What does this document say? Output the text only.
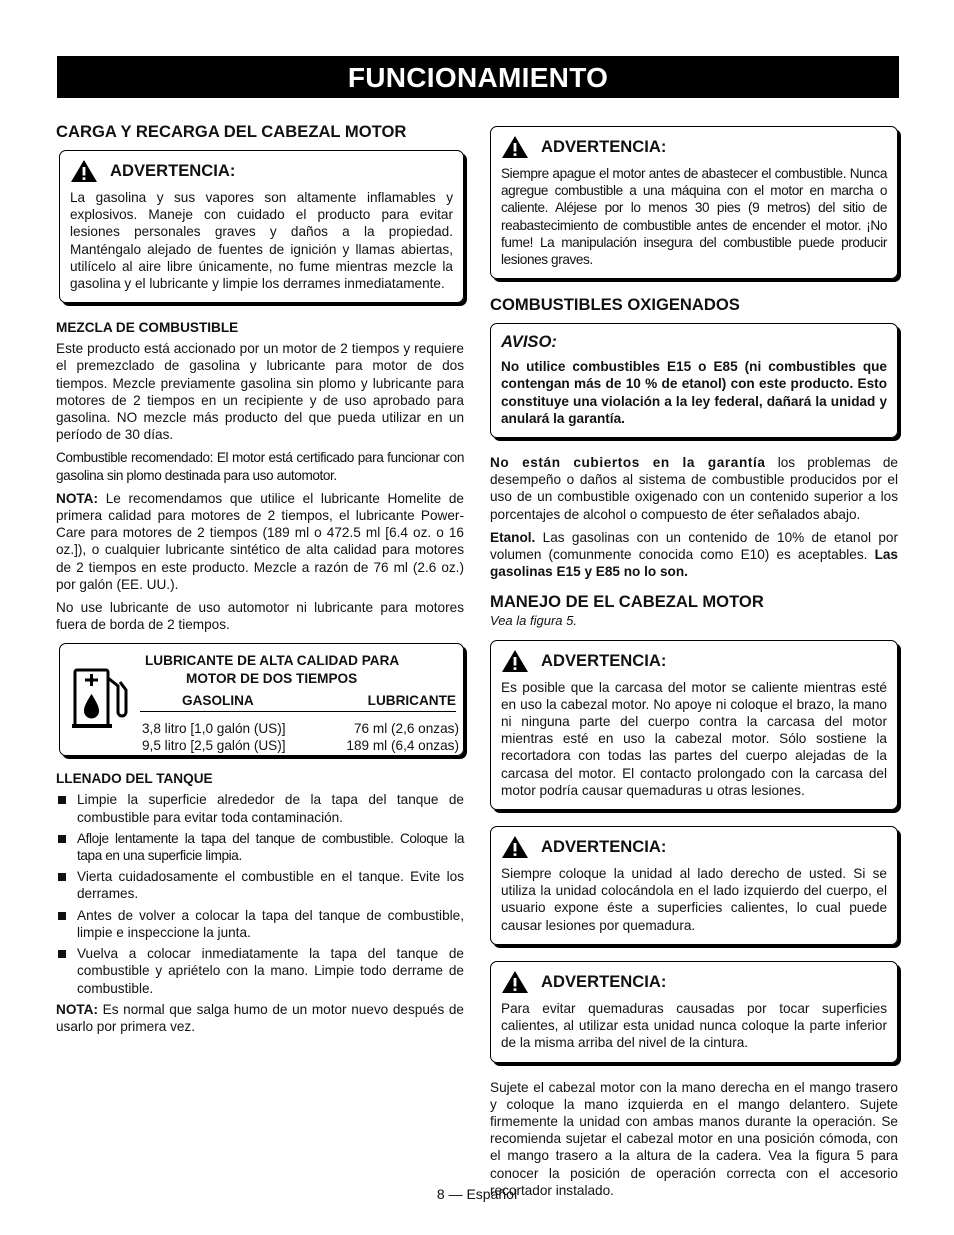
FUNCIONAMIENTO
CARGA Y RECARGA DEL CABEZAL MOTOR
ADVERTENCIA:

La gasolina y sus vapores son altamente inflamables y explosivos. Maneje con cuidado el producto para evitar lesiones personales graves y daños a la propiedad. Manténgalo alejado de fuentes de ignición y llamas abiertas, utilícelo al aire libre únicamente, no fume mientras mezcle la gasolina y el lubricante y limpie los derrames inmediatamente.

MEZCLA DE COMBUSTIBLE

Este producto está accionado por un motor de 2 tiempos y requiere el premezclado de gasolina y lubricante para motor de dos tiempos. Mezcle previamente gasolina sin plomo y lubricante para motores de 2 tiempos en un recipiente y de uso aprobado para gasolina. NO mezcle más producto del que pueda utilizar en un período de 30 días.

Combustible recomendado: El motor está certificado para funcionar con gasolina sin plomo destinada para uso automotor.

NOTA: Le recomendamos que utilice el lubricante Homelite de primera calidad para motores de 2 tiempos, el lubricante Power-Care para motores de 2 tiempos (189 ml o 472.5 ml [6.4 oz. o 16 oz.]), o cualquier lubricante sintético de alta calidad para motores de 2 tiempos en este producto. Mezcle a razón de 76 ml (2.6 oz.) por galón (EE. UU.).

No use lubricante de uso automotor ni lubricante para motores fuera de borda de 2 tiempos.

LUBRICANTE DE ALTA CALIDAD PARA
MOTOR DE DOS TIEMPOS
GASOLINA	LUBRICANTE
3,8 litro [1,0 galón (US)]	76 ml (2,6 onzas)
9,5 litro [2,5 galón (US)]	189 ml (6,4 onzas)
LLENADO DEL TANQUE
Limpie la superficie alrededor de la tapa del tanque de combustible para evitar toda contaminación.
Afloje lentamente la tapa del tanque de combustible. Coloque la tapa en una superficie limpia.
Vierta cuidadosamente el combustible en el tanque. Evite los derrames.
Antes de volver a colocar la tapa del tanque de combustible, limpie e inspeccione la junta.
Vuelva a colocar inmediatamente la tapa del tanque de combustible y apriételo con la mano. Limpie todo derrame de combustible.

NOTA: Es normal que salga humo de un motor nuevo después de usarlo por primera vez.

ADVERTENCIA:

Siempre apague el motor antes de abastecer el combustible. Nunca agregue combustible a una máquina con el motor en marcha o caliente. Aléjese por lo menos 30 pies (9 metros) del sitio de reabastecimiento de combustible antes de encender el motor. ¡No fume! La manipulación insegura del combustible puede producir lesiones graves.

COMBUSTIBLES OXIGENADOS
AVISO:

No utilice combustibles E15 o E85 (ni combustibles que contengan más de 10 % de etanol) con este producto. Esto constituye una violación a la ley federal, dañará la unidad y anulará la garantía.

No están cubiertos en la garantía los problemas de desempeño o daños al sistema de combustible producidos por el uso de un combustible oxigenado con un contenido superior a los porcentajes de alcohol o compuesto de éter señalados abajo.

Etanol. Las gasolinas con un contenido de 10% de etanol por volumen (comunmente conocida como E10) es aceptables. Las gasolinas E15 y E85 no lo son.

MANEJO DE EL CABEZAL MOTOR
Vea la figura 5.
ADVERTENCIA:

Es posible que la carcasa del motor se caliente mientras esté en uso la cabezal motor. No apoye ni coloque el brazo, la mano ni ninguna parte del cuerpo contra la carcasa del motor mientras esté en uso la cabezal motor. Sólo sostiene la recortadora con todas las partes del cuerpo alejadas de la carcasa del motor. El contacto prolongado con la carcasa del motor podría causar quemaduras u otras lesiones.

ADVERTENCIA:

Siempre coloque la unidad al lado derecho de usted. Si se utiliza la unidad colocándola en el lado izquierdo del cuerpo, el usuario expone éste a superficies calientes, lo cual puede causar lesiones por quemadura.

ADVERTENCIA:

Para evitar quemaduras causadas por tocar superficies calientes, al utilizar esta unidad nunca coloque la parte inferior de la misma arriba del nivel de la cintura.

Sujete el cabezal motor con la mano derecha en el mango trasero y coloque la mano izquierda en el mango delantero. Sujete firmemente la unidad con ambas manos durante la operación. Se recomienda sujetar el cabezal motor en una posición cómoda, con el mango trasero a la altura de la cadera. Vea la figura 5 para conocer la posición de operación correcta con el accesorio recortador instalado.

8 — Español
